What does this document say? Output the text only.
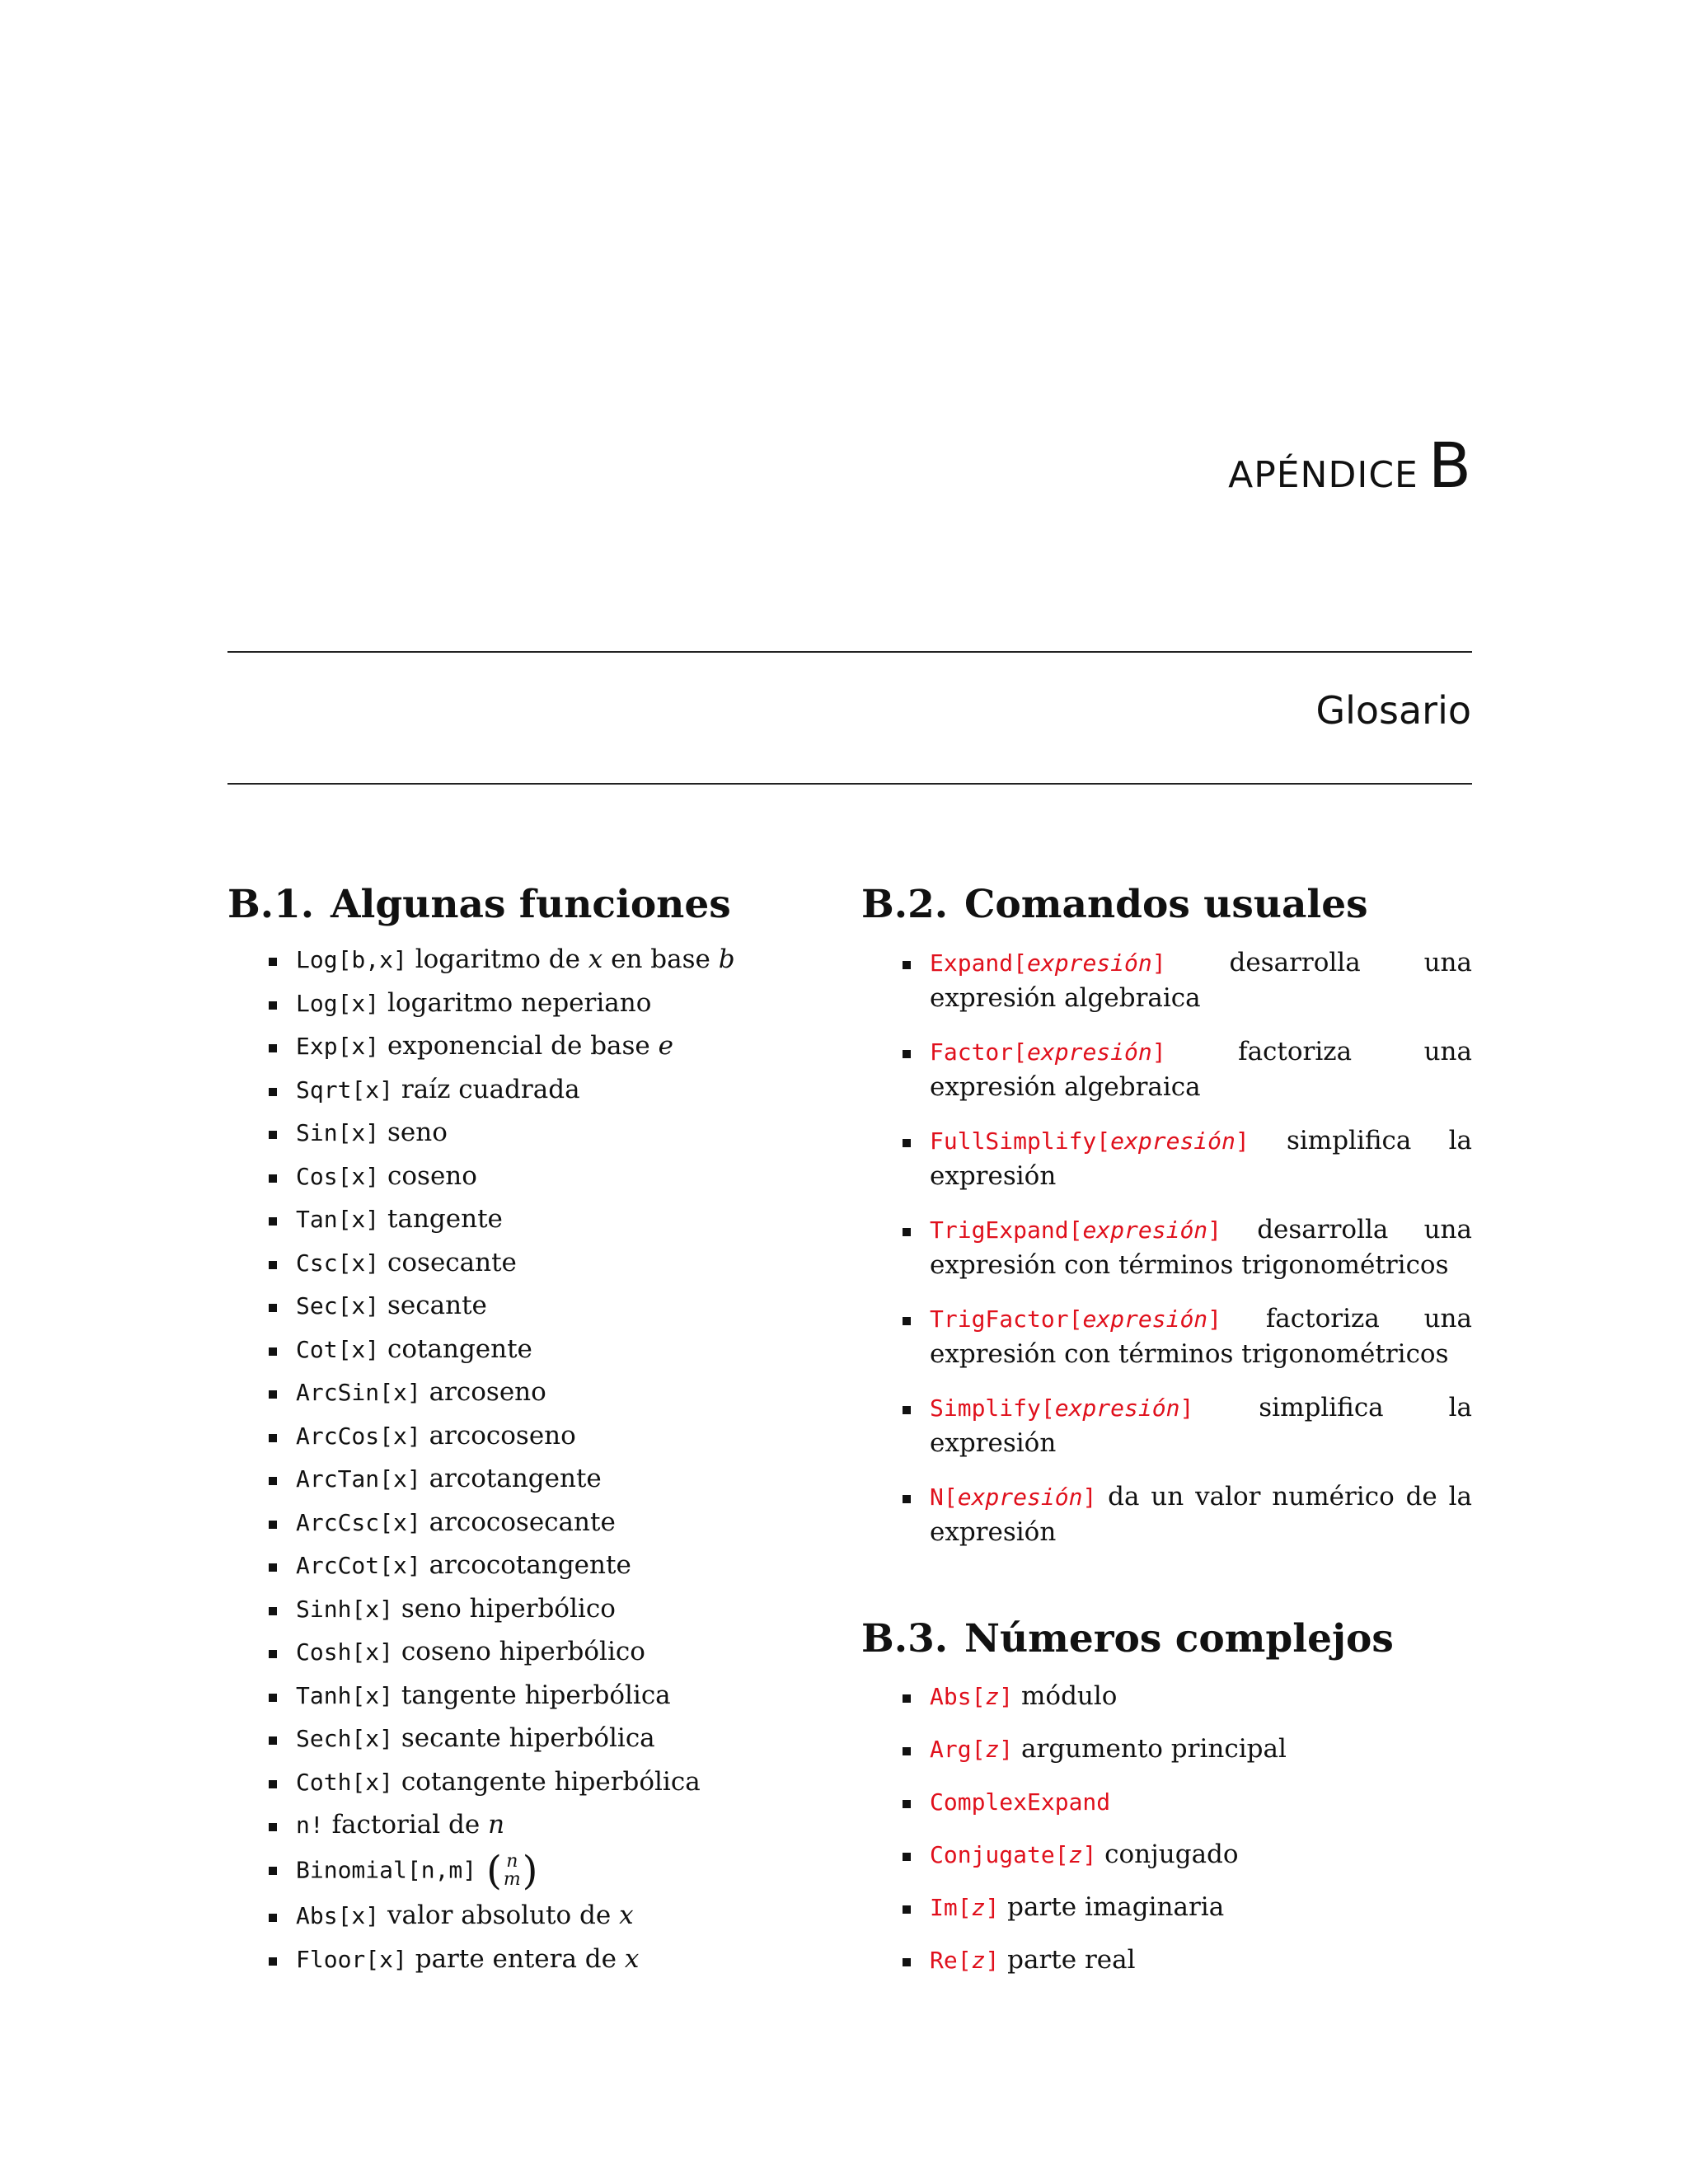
APÉNDICE B
Glosario
B.1. Algunas funciones
Log[b,x] logaritmo de x en base b
Log[x] logaritmo neperiano
Exp[x] exponencial de base e
Sqrt[x] raíz cuadrada
Sin[x] seno
Cos[x] coseno
Tan[x] tangente
Csc[x] cosecante
Sec[x] secante
Cot[x] cotangente
ArcSin[x] arcoseno
ArcCos[x] arcocoseno
ArcTan[x] arcotangente
ArcCsc[x] arcocosecante
ArcCot[x] arcocotangente
Sinh[x] seno hiperbólico
Cosh[x] coseno hiperbólico
Tanh[x] tangente hiperbólica
Sech[x] secante hiperbólica
Coth[x] cotangente hiperbólica
n! factorial de n
Binomial[n,m] ( n
m )
Abs[x] valor absoluto de x
Floor[x] parte entera de x
B.2. Comandos usuales
Expand[expresión] desarrolla una expresión algebraica
Factor[expresión]	factoriza una expresión algebraica
FullSimplify[expresión] simplifica la expresión
TrigExpand[expresión] desarrolla una expresión con términos trigonométricos
TrigFactor[expresión] factoriza una expresión con términos trigonométricos
Simplify[expresión]	simplifica la expresión
N[expresión] da un valor numérico de la expresión
B.3. Números complejos
Abs[z] módulo
Arg[z] argumento principal
ComplexExpand
Conjugate[z] conjugado
Im[z] parte imaginaria
Re[z] parte real
